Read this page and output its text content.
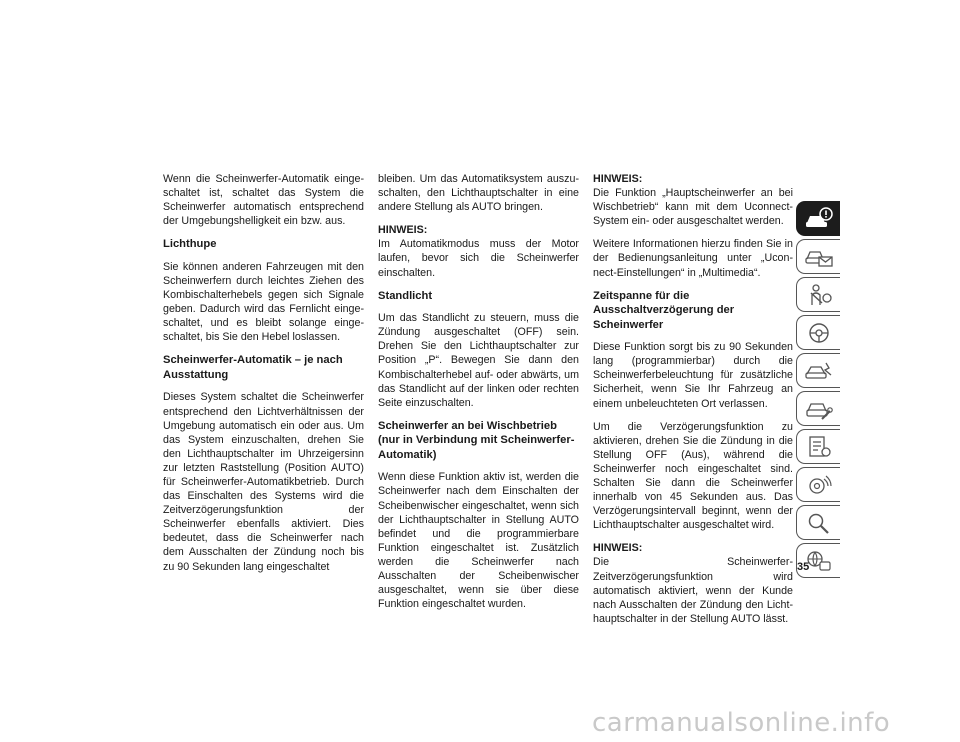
Wenn die Scheinwerfer-Automatik eingeschaltet ist, schaltet das System die Scheinwerfer automatisch entsprechend der Umgebungshelligkeit ein bzw. aus.

Lichthupe

Sie können anderen Fahrzeugen mit den Scheinwerfern durch leichtes Ziehen des Kombischalterhebels gegen sich Signale geben. Dadurch wird das Fernlicht eingeschaltet, und es bleibt solange eingeschaltet, bis Sie den Hebel loslassen.

Scheinwerfer-Automatik – je nach Ausstattung

Dieses System schaltet die Scheinwerfer entsprechend den Lichtverhältnissen der Umgebung automatisch ein oder aus. Um das System einzuschalten, drehen Sie den Lichthauptschalter im Uhrzeigersinn zur letzten Raststellung (Position AUTO) für Scheinwerfer-Automatikbetrieb. Durch das Einschalten des Systems wird die Zeitverzögerungsfunktion der Scheinwerfer ebenfalls aktiviert. Dies bedeutet, dass die Scheinwerfer nach dem Ausschalten der Zündung noch bis zu 90 Sekunden lang eingeschaltet

bleiben. Um das Automatiksystem auszuschalten, den Lichthauptschalter in eine andere Stellung als AUTO bringen.

HINWEIS:
Im Automatikmodus muss der Motor laufen, bevor sich die Scheinwerfer einschalten.
Standlicht

Um das Standlicht zu steuern, muss die Zündung ausgeschaltet (OFF) sein. Drehen Sie den Lichthauptschalter zur Position „P“. Bewegen Sie dann den Kombischalterhebel auf- oder abwärts, um das Standlicht auf der linken oder rechten Seite einzuschalten.

Scheinwerfer an bei Wischbetrieb (nur in Verbindung mit Scheinwerfer-Automatik)

Wenn diese Funktion aktiv ist, werden die Scheinwerfer nach dem Einschalten der Scheibenwischer eingeschaltet, wenn sich der Lichthauptschalter in Stellung AUTO befindet und die programmierbare Funktion eingeschaltet ist. Zusätzlich werden die Scheinwerfer nach Ausschalten der Scheibenwischer ausgeschaltet, wenn sie über diese Funktion eingeschaltet wurden.

HINWEIS:
Die Funktion „Hauptscheinwerfer an bei Wischbetrieb“ kann mit dem Uconnect-System ein- oder ausgeschaltet werden.

Weitere Informationen hierzu finden Sie in der Bedienungsanleitung unter „Uconnect-Einstellungen“ in „Multimedia“.

Zeitspanne für die Ausschaltverzögerung der Scheinwerfer

Diese Funktion sorgt bis zu 90 Sekunden lang (programmierbar) durch die Scheinwerferbeleuchtung für zusätzliche Sicherheit, wenn Sie Ihr Fahrzeug an einem unbeleuchteten Ort verlassen.

Um die Verzögerungsfunktion zu aktivieren, drehen Sie die Zündung in die Stellung OFF (Aus), während die Scheinwerfer noch eingeschaltet sind. Schalten Sie dann die Scheinwerfer innerhalb von 45 Sekunden aus. Das Verzögerungsintervall beginnt, wenn der Lichthauptschalter ausgeschaltet wird.

HINWEIS:
Die Scheinwerfer-Zeitverzögerungsfunktion wird automatisch aktiviert, wenn der Kunde nach Ausschalten der Zündung den Lichthauptschalter in der Stellung AUTO lässt.
35
carmanualsonline.info
